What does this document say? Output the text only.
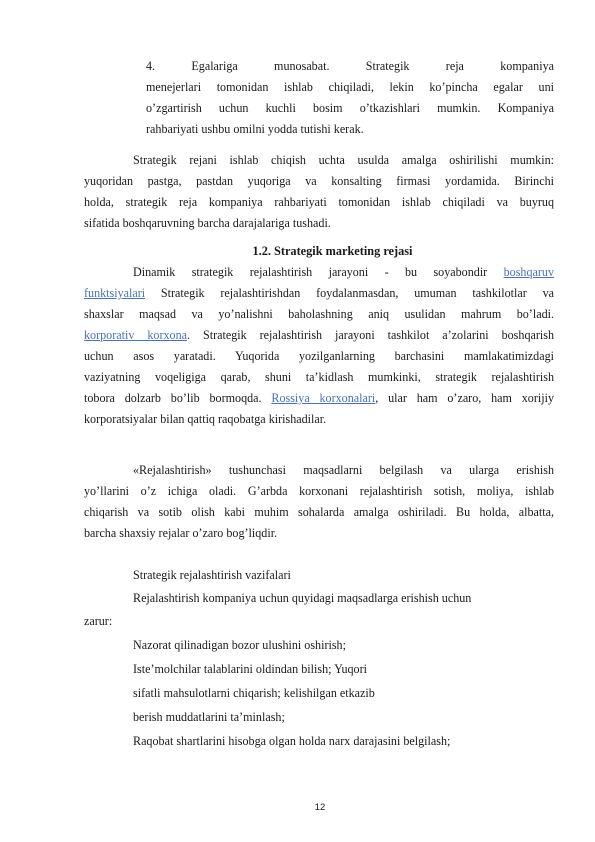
4. Egalariga munosabat. Strategik reja kompaniya
menejerlari tomonidan ishlab chiqiladi, lekin ko’pincha egalar uni
o’zgartirish uchun kuchli bosim o’tkazishlari mumkin. Kompaniya
rahbariyati ushbu omilni yodda tutishi kerak.
Strategik rejani ishlab chiqish uchta usulda amalga oshirilishi mumkin:
yuqoridan pastga, pastdan yuqoriga va konsalting firmasi yordamida. Birinchi
holda, strategik reja kompaniya rahbariyati tomonidan ishlab chiqiladi va buyruq
sifatida boshqaruvning barcha darajalariga tushadi.
1.2. Strategik marketing rejasi
Dinamik strategik rejalashtirish jarayoni - bu soyabondir boshqaruv
funktsiyalari Strategik rejalashtirishdan foydalanmasdan, umuman tashkilotlar va
shaxslar maqsad va yo’nalishni baholashning aniq usulidan mahrum bo’ladi.
korporativ korxona. Strategik rejalashtirish jarayoni tashkilot a’zolarini boshqarish
uchun asos yaratadi. Yuqorida yozilganlarning barchasini mamlakatimizdagi
vaziyatning voqeligiga qarab, shuni ta’kidlash mumkinki, strategik rejalashtirish
tobora dolzarb bo’lib bormoqda. Rossiya korxonalari, ular ham o’zaro, ham xorijiy
korporatsiyalar bilan qattiq raqobatga kirishadilar.
«Rejalashtirish» tushunchasi maqsadlarni belgilash va ularga erishish
yo’llarini o’z ichiga oladi. G’arbda korxonani rejalashtirish sotish, moliya, ishlab
chiqarish va sotib olish kabi muhim sohalarda amalga oshiriladi. Bu holda, albatta,
barcha shaxsiy rejalar o’zaro bog’liqdir.
Strategik rejalashtirish vazifalari
Rejalashtirish kompaniya uchun quyidagi maqsadlarga erishish uchun
zarur:
Nazorat qilinadigan bozor ulushini oshirish;
Iste’molchilar talablarini oldindan bilish; Yuqori
sifatli mahsulotlarni chiqarish; kelishilgan etkazib
berish muddatlarini ta’minlash;
Raqobat shartlarini hisobga olgan holda narx darajasini belgilash;
12
